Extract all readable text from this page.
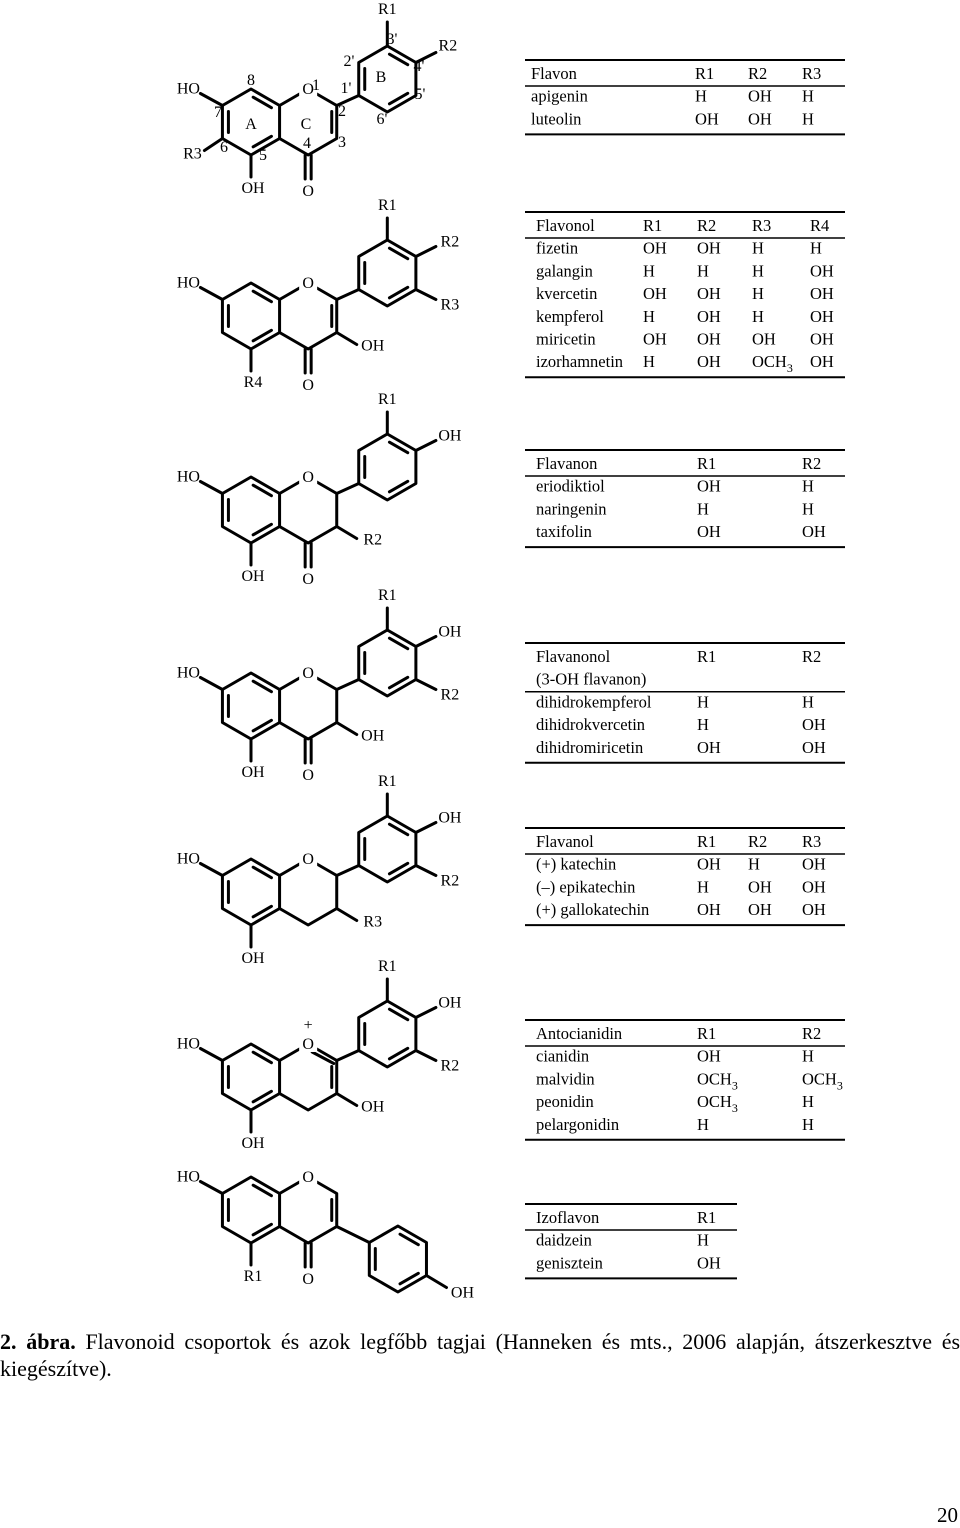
O
O
HO
OH
R1
R2
R3
A	C
8
7
6 5
4 3
2
1 1'
2'
3'
4'
5'
6'
B
O
O
HO
R4
OH
R1
R2
R3
O
O
HO
OH
R2
R1
OH
O
O
HO
OH
OH
R1
OH
R2
O
HO
OH
R3
R1
OH
R2
O
+
HO
OH
OH
R1
OH
R2
O
O
HO
R1
OH
Flavon	R1 R2 R3
apigenin	H OH H
luteolin	OH OH H
Flavonol	R1 R2 R3 R4
fizetin	OH OH H	H
galangin	H	H	H	OH
kvercetin	OH OH H	OH
kempferol H	OH H	OH
miricetin	OH OH OH OH
izorhamnetin H	OH $OCH_3$ OH
Flavanon	R1	R2
eriodiktiol	OH	H
naringenin	H	H
taxifolin	OH	OH
Flavanonol	R1	R2
(3-OH flavanon)
dihidrokempferol	H	H
dihidrokvercetin	H	OH
dihidromiricetin	OH	OH
Flavanol	R1 R2 R3
(+) katechin	OH H	OH
(–) epikatechin	H OH OH
(+) gallokatechin	OH OH OH
Antocianidin	R1	R2
cianidin	OH	H
malvidin	$OCH_3$	$OCH_3$
peonidin	$OCH_3$	H
pelargonidin	H	H
Izoflavon	R1
daidzein	H
genisztein	OH
2. ábra. Flavonoid csoportok és azok legfőbb tagjai (Hanneken és mts., 2006 alapján, átszerkesztve és kiegészítve).
20
